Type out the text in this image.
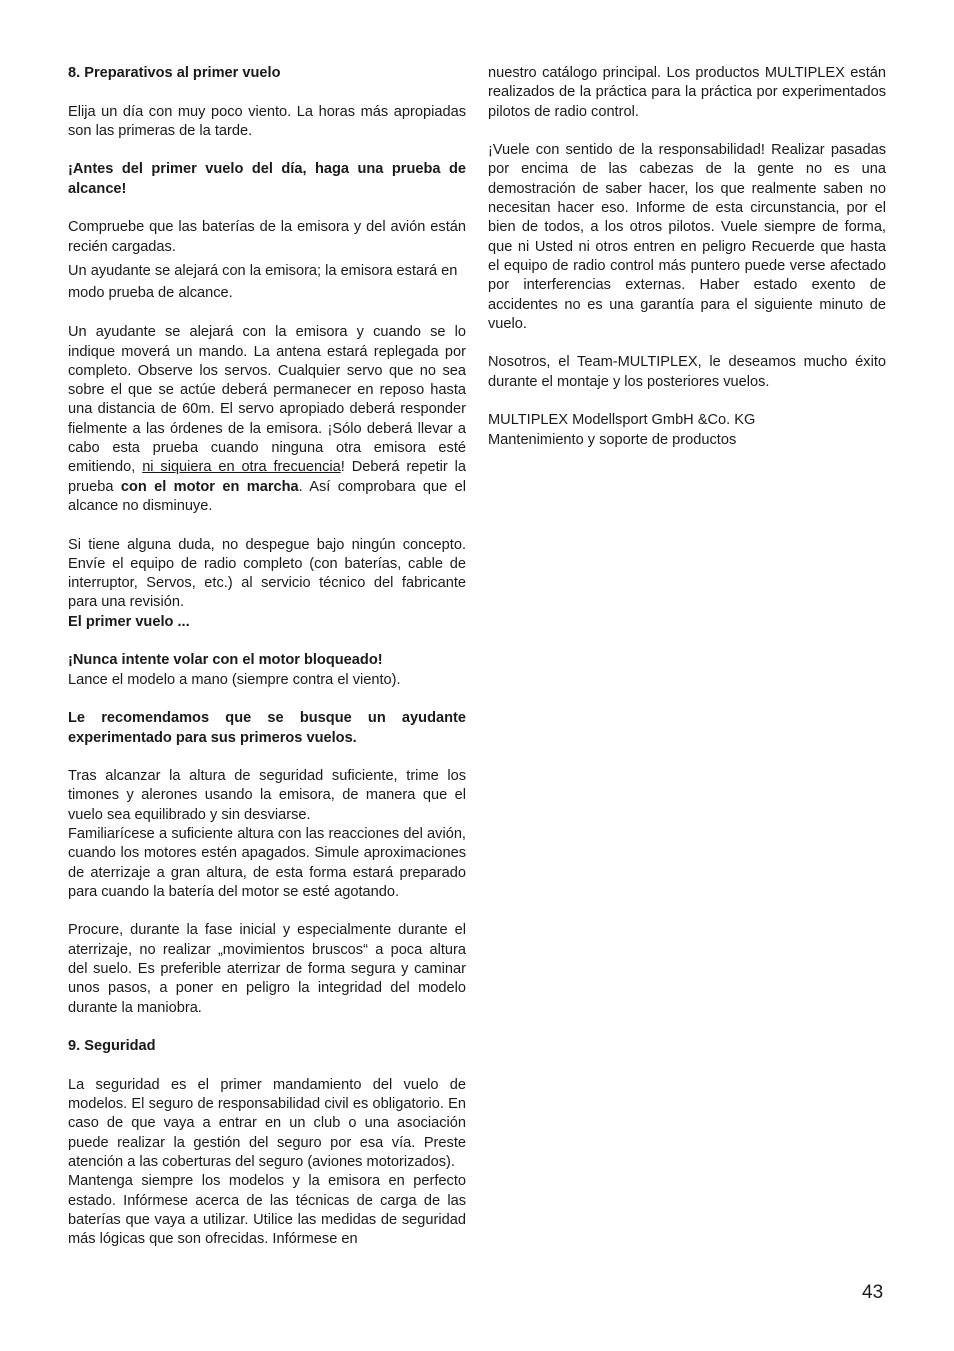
8. Preparativos al primer vuelo

Elija un día con muy poco viento. La horas más apropiadas son las primeras de la tarde.

¡Antes del primer vuelo del día, haga una prueba de alcance!

Compruebe que las baterías de la emisora y del avión están recién cargadas.

Un ayudante se alejará con la emisora; la emisora estará en modo prueba de alcance.

Un ayudante se alejará con la emisora y cuando se lo indique moverá un mando. La antena estará replegada por completo. Observe los servos. Cualquier servo que no sea sobre el que se actúe deberá permanecer en reposo hasta una distancia de 60m. El servo apropiado deberá responder fielmente a las órdenes de la emisora. ¡Sólo deberá llevar a cabo esta prueba cuando ninguna otra emisora esté emitiendo, ni siquiera en otra frecuencia! Deberá repetir la prueba con el motor en marcha. Así comprobara que el alcance no disminuye.

Si tiene alguna duda, no despegue bajo ningún concepto. Envíe el equipo de radio completo (con baterías, cable de interruptor, Servos, etc.) al servicio técnico del fabricante para una revisión.

El primer vuelo ...

¡Nunca intente volar con el motor bloqueado!

Lance el modelo a mano (siempre contra el viento).

Le recomendamos que se busque un ayudante experimentado para sus primeros vuelos.

Tras alcanzar la altura de seguridad suficiente, trime los timones y alerones usando la emisora, de manera que el vuelo sea equilibrado y sin desviarse.

Familiarícese a suficiente altura con las reacciones del avión, cuando los motores estén apagados. Simule aproximaciones de aterrizaje a gran altura, de esta forma estará preparado para cuando la batería del motor se esté agotando.

Procure, durante la fase inicial y especialmente durante el aterrizaje, no realizar „movimientos bruscos“ a poca altura del suelo. Es preferible aterrizar de forma segura y caminar unos pasos, a poner en peligro la integridad del modelo durante la maniobra.

9. Seguridad

La seguridad es el primer mandamiento del vuelo de modelos. El seguro de responsabilidad civil es obligatorio. En caso de que vaya a entrar en un club o una asociación puede realizar la gestión del seguro por esa vía. Preste atención a las coberturas del seguro (aviones motorizados).

Mantenga siempre los modelos y la emisora en perfecto estado. Infórmese acerca de las técnicas de carga de las baterías que vaya a utilizar. Utilice las medidas de seguridad más lógicas que son ofrecidas. Infórmese en

nuestro catálogo principal. Los productos MULTIPLEX están realizados de la práctica para la práctica por experimentados pilotos de radio control.

¡Vuele con sentido de la responsabilidad! Realizar pasadas por encima de las cabezas de la gente no es una demostración de saber hacer, los que realmente saben no necesitan hacer eso. Informe de esta circunstancia, por el bien de todos, a los otros pilotos. Vuele siempre de forma, que ni Usted ni otros entren en peligro Recuerde que hasta el equipo de radio control más puntero puede verse afectado por interferencias externas. Haber estado exento de accidentes no es una garantía para el siguiente minuto de vuelo.

Nosotros, el Team-MULTIPLEX, le deseamos mucho éxito durante el montaje y los posteriores vuelos.

MULTIPLEX Modellsport GmbH &Co. KG

Mantenimiento y soporte de productos

43
